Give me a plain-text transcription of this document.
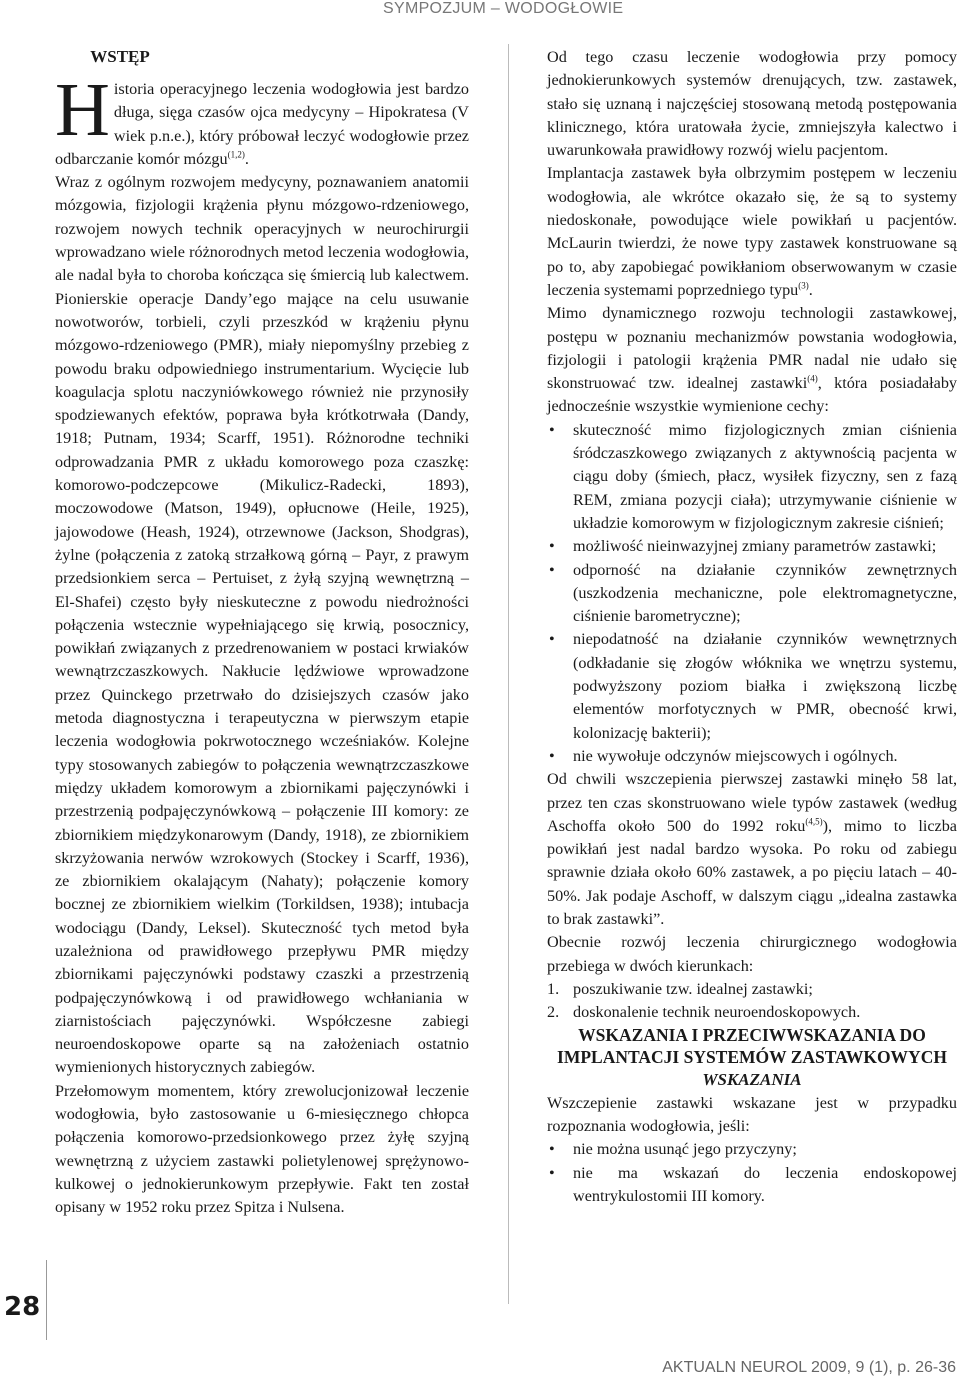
SYMPOZJUM – WODOGŁOWIE

WSTĘP

Historia operacyjnego leczenia wodogłowia jest bardzo długa, sięga czasów ojca medycyny – Hipokratesa (V wiek p.n.e.), który próbował leczyć wodogłowie przez odbarczanie komór mózgu$^{(1,2)}$.

Wraz z ogólnym rozwojem medycyny, poznawaniem anatomii mózgowia, fizjologii krążenia płynu mózgowo-rdzeniowego, rozwojem nowych technik operacyjnych w neurochirurgii wprowadzano wiele różnorodnych metod leczenia wodogłowia, ale nadal była to choroba kończąca się śmiercią lub kalectwem. Pionierskie operacje Dandy’ego mające na celu usuwanie nowotworów, torbieli, czyli przeszkód w krążeniu płynu mózgowo-rdzeniowego (PMR), miały niepomyślny przebieg z powodu braku odpowiedniego instrumentarium. Wycięcie lub koagulacja splotu naczyniówkowego również nie przynosiły spodziewanych efektów, poprawa była krótkotrwała (Dandy, 1918; Putnam, 1934; Scarff, 1951). Różnorodne techniki odprowadzania PMR z układu komorowego poza czaszkę: komorowo-podczepcowe (Mikulicz-Radecki, 1893), moczowodowe (Matson, 1949), opłucnowe (Heile, 1925), jajowodowe (Heash, 1924), otrzewnowe (Jackson, Shodgras), żylne (połączenia z zatoką strzałkową górną – Payr, z prawym przedsionkiem serca – Pertuiset, z żyłą szyjną wewnętrzną – El-Shafei) często były nieskuteczne z powodu niedrożności połączenia wstecznie wypełniającego się krwią, posocznicy, powikłań związanych z przedrenowaniem w postaci krwiaków wewnątrzczaszkowych. Nakłucie lędźwiowe wprowadzone przez Quinckego przetrwało do dzisiejszych czasów jako metoda diagnostyczna i terapeutyczna w pierwszym etapie leczenia wodogłowia pokrwotocznego wcześniaków. Kolejne typy stosowanych zabiegów to połączenia wewnątrzczaszkowe między układem komorowym a zbiornikami pajęczynówki i przestrzenią podpajęczynówkową – połączenie III komory: ze zbiornikiem międzykonarowym (Dandy, 1918), ze zbiornikiem skrzyżowania nerwów wzrokowych (Stockey i Scarff, 1936), ze zbiornikiem okalającym (Nahaty); połączenie komory bocznej ze zbiornikiem wielkim (Torkildsen, 1938); intubacja wodociągu (Dandy, Leksel). Skuteczność tych metod była uzależniona od prawidłowego przepływu PMR między zbiornikami pajęczynówki podstawy czaszki a przestrzenią podpajęczynówkową i od prawidłowego wchłaniania w ziarnistościach pajęczynówki. Współczesne zabiegi neuroendoskopowe oparte są na założeniach ostatnio wymienionych historycznych zabiegów.

Przełomowym momentem, który zrewolucjonizował leczenie wodogłowia, było zastosowanie u 6-miesięcznego chłopca połączenia komorowo-przedsionkowego przez żyłę szyjną wewnętrzną z użyciem zastawki polietylenowej sprężynowo-kulkowej o jednokierunkowym przepływie. Fakt ten został opisany w 1952 roku przez Spitza i Nulsena.

Od tego czasu leczenie wodogłowia przy pomocy jednokierunkowych systemów drenujących, tzw. zastawek, stało się uznaną i najczęściej stosowaną metodą postępowania klinicznego, która uratowała życie, zmniejszyła kalectwo i uwarunkowała prawidłowy rozwój wielu pacjentom.

Implantacja zastawek była olbrzymim postępem w leczeniu wodogłowia, ale wkrótce okazało się, że są to systemy niedoskonałe, powodujące wiele powikłań u pacjentów. McLaurin twierdzi, że nowe typy zastawek konstruowane są po to, aby zapobiegać powikłaniom obserwowanym w czasie leczenia systemami poprzedniego typu$^{(3)}$.

Mimo dynamicznego rozwoju technologii zastawkowej, postępu w poznaniu mechanizmów powstania wodogłowia, fizjologii i patologii krążenia PMR nadal nie udało się skonstruować tzw. idealnej zastawki$^{(4)}$, która posiadałaby jednocześnie wszystkie wymienione cechy:

• skuteczność mimo fizjologicznych zmian ciśnienia śródczaszkowego związanych z aktywnością pacjenta w ciągu doby (śmiech, płacz, wysiłek fizyczny, sen z fazą REM, zmiana pozycji ciała); utrzymywanie ciśnienie w układzie komorowym w fizjologicznym zakresie ciśnień;
• możliwość nieinwazyjnej zmiany parametrów zastawki;
• odporność na działanie czynników zewnętrznych (uszkodzenia mechaniczne, pole elektromagnetyczne, ciśnienie barometryczne);
• niepodatność na działanie czynników wewnętrznych (odkładanie się złogów włóknika we wnętrzu systemu, podwyższony poziom białka i zwiększoną liczbę elementów morfotycznych w PMR, obecność krwi, kolonizację bakterii);
• nie wywołuje odczynów miejscowych i ogólnych.

Od chwili wszczepienia pierwszej zastawki minęło 58 lat, przez ten czas skonstruowano wiele typów zastawek (według Aschoffa około 500 do 1992 roku$^{(4,5)}$), mimo to liczba powikłań jest nadal bardzo wysoka. Po roku od zabiegu sprawnie działa około 60% zastawek, a po pięciu latach – 40-50%. Jak podaje Aschoff, w dalszym ciągu „idealna zastawka to brak zastawki”.

Obecnie rozwój leczenia chirurgicznego wodogłowia przebiega w dwóch kierunkach:

1. poszukiwanie tzw. idealnej zastawki;
2. doskonalenie technik neuroendoskopowych.

WSKAZANIA I PRZECIWWSKAZANIA DO IMPLANTACJI SYSTEMÓW ZASTAWKOWYCH

WSKAZANIA

Wszczepienie zastawki wskazane jest w przypadku rozpoznania wodogłowia, jeśli:

• nie można usunąć jego przyczyny;
• nie ma wskazań do leczenia endoskopowej wentrykulostomii III komory.
28
AKTUALN NEUROL 2009, 9 (1), p. 26-36
